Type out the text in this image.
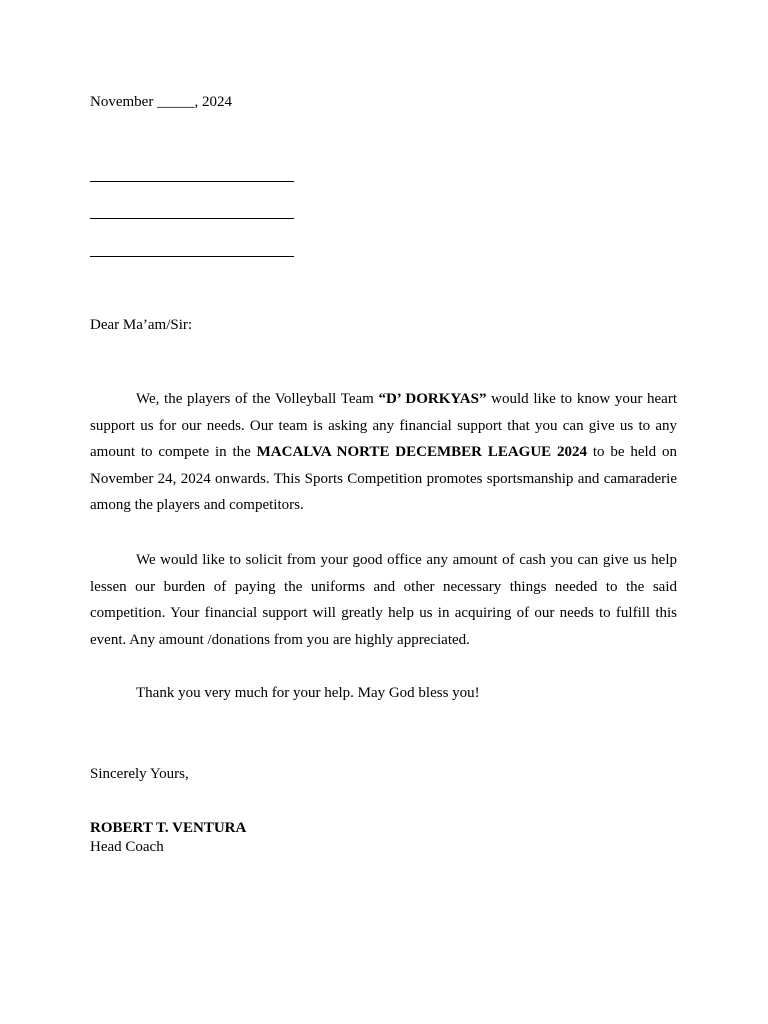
November _____, 2024
Dear Ma’am/Sir:

We, the players of the Volleyball Team “D’ DORKYAS” would like to know your heart support us for our needs. Our team is asking any financial support that you can give us to any amount to compete in the MACALVA NORTE DECEMBER LEAGUE 2024 to be held on November 24, 2024 onwards. This Sports Competition promotes sportsmanship and camaraderie among the players and competitors.

We would like to solicit from your good office any amount of cash you can give us help lessen our burden of paying the uniforms and other necessary things needed to the said competition. Your financial support will greatly help us in acquiring of our needs to fulfill this event. Any amount /donations from you are highly appreciated.

Thank you very much for your help. May God bless you!

Sincerely Yours,
ROBERT T. VENTURA
Head Coach
